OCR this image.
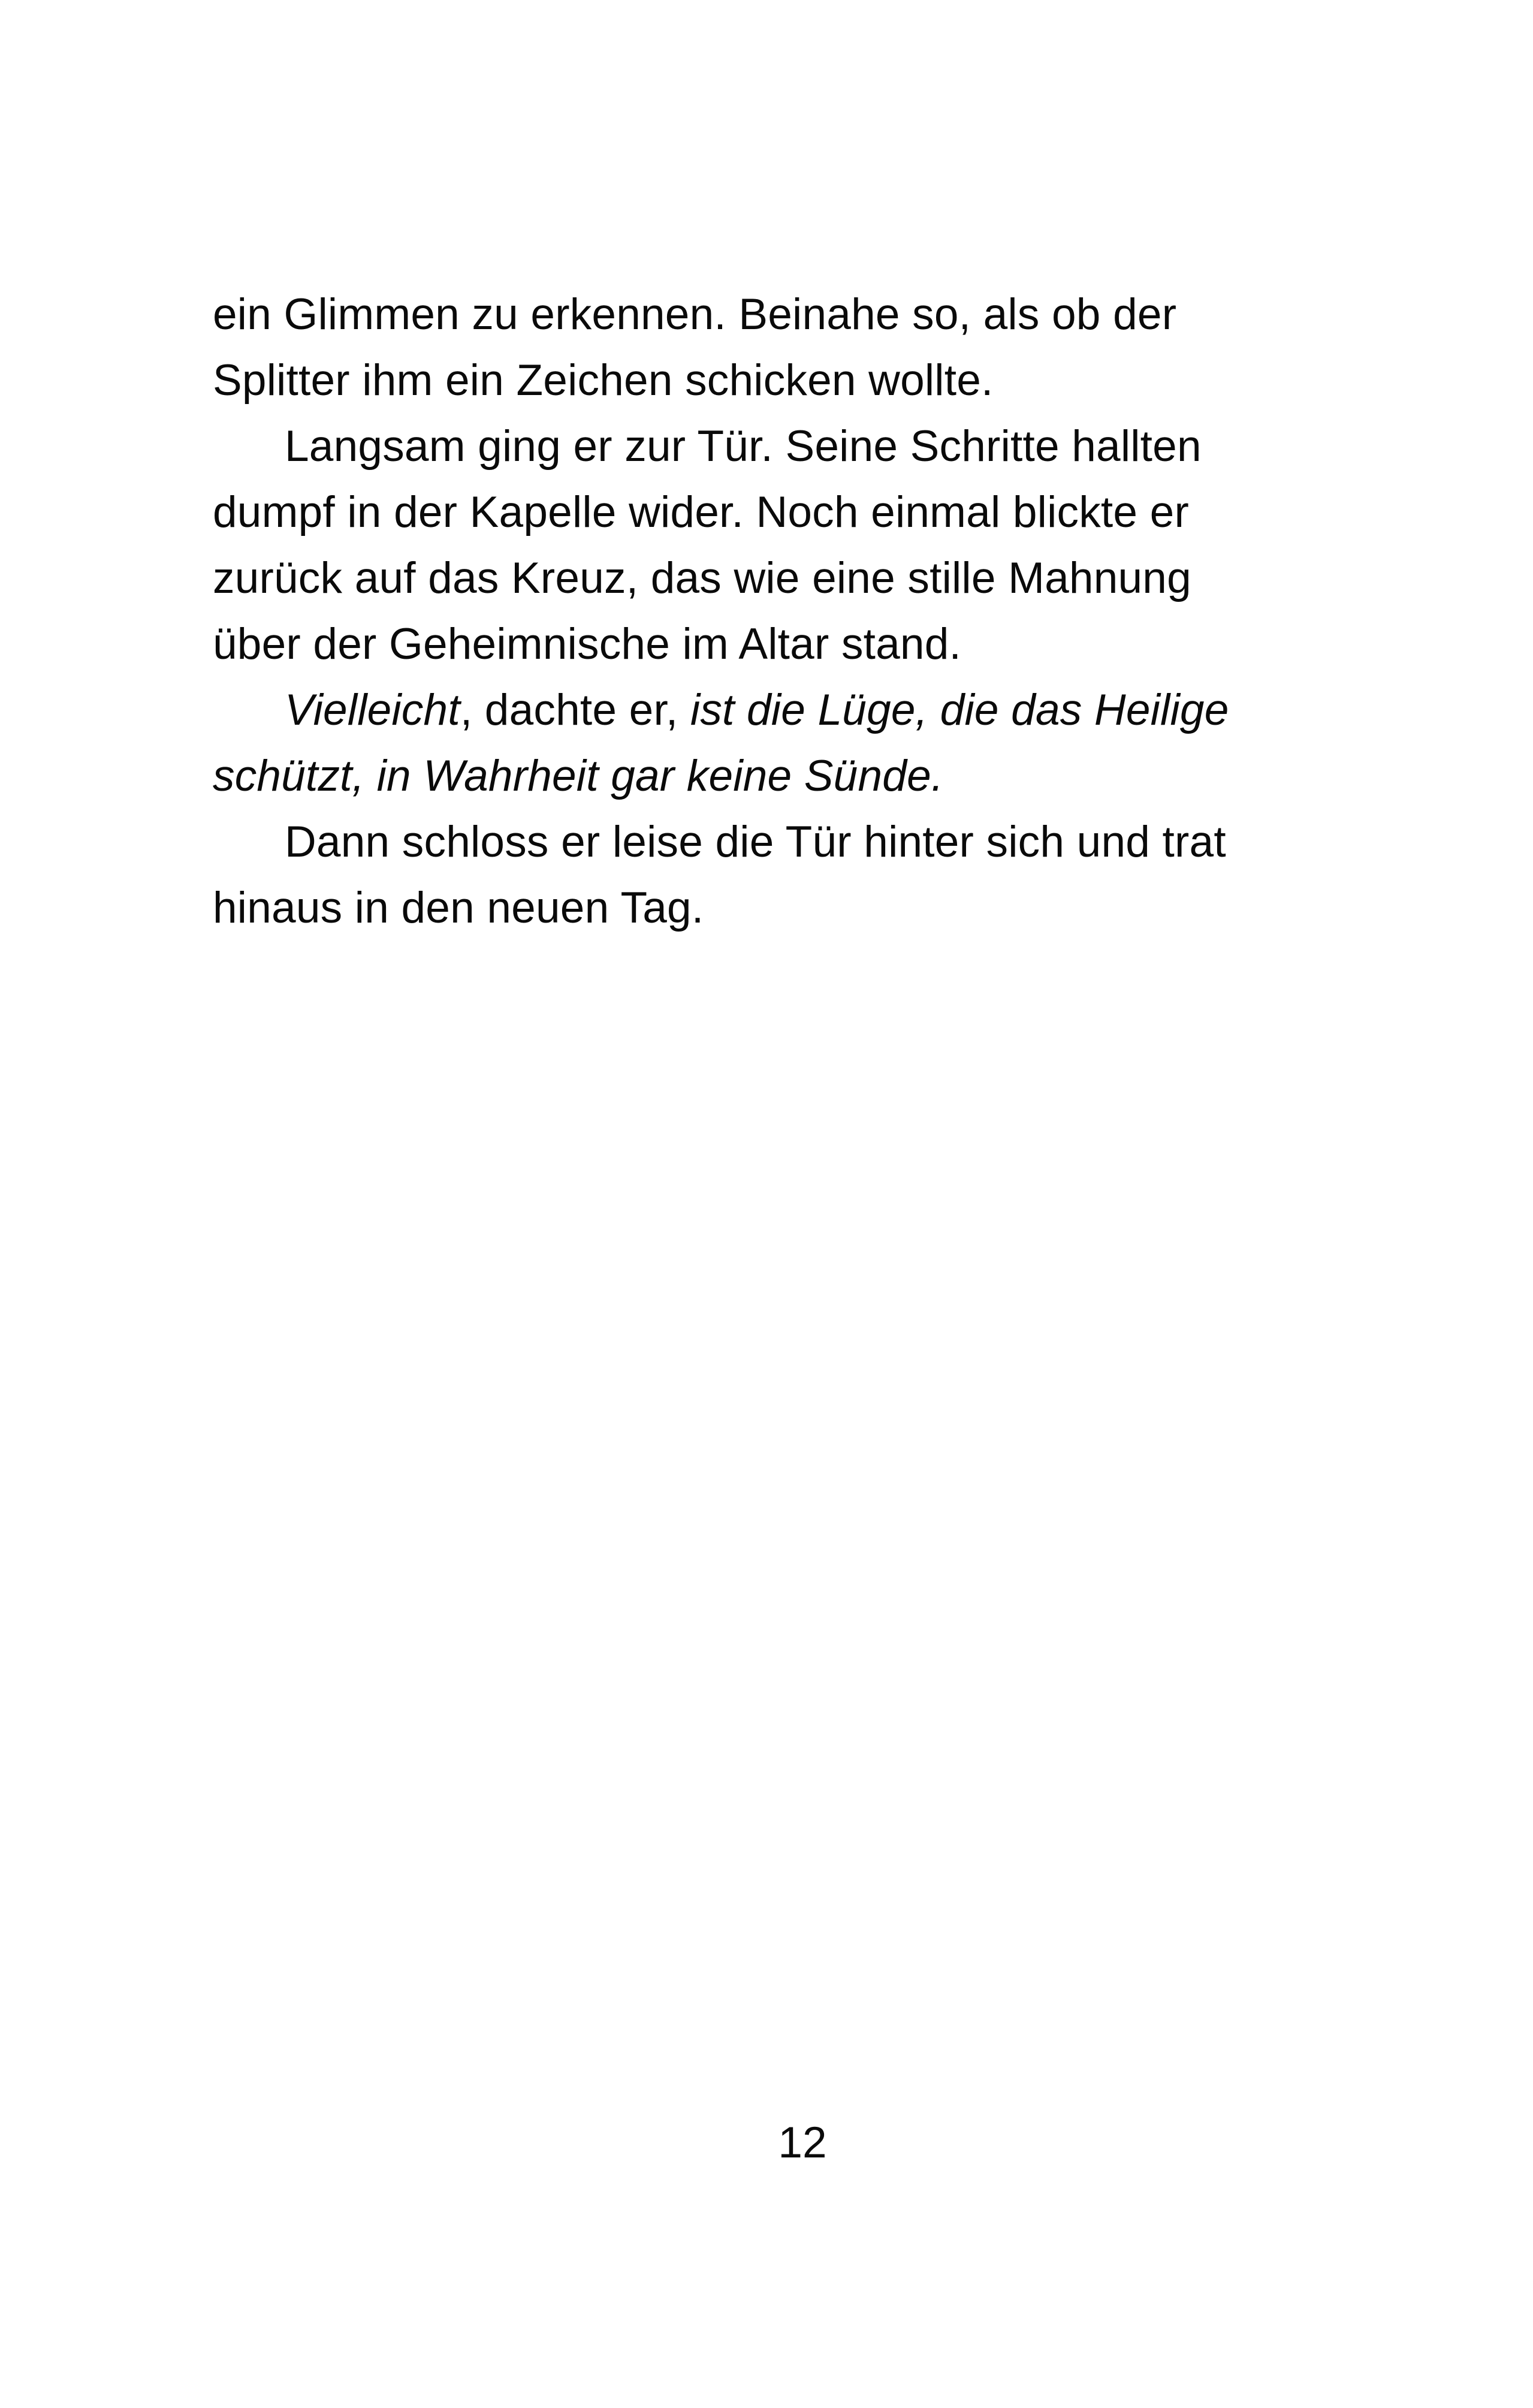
ein Glimmen zu erkennen. Beinahe so, als ob der
Splitter ihm ein Zeichen schicken wollte.
Langsam ging er zur Tür. Seine Schritte hallten
dumpf in der Kapelle wider. Noch einmal blickte er
zurück auf das Kreuz, das wie eine stille Mahnung
über der Geheimnische im Altar stand.
Vielleicht, dachte er, ist die Lüge, die das Heilige
schützt, in Wahrheit gar keine Sünde.
Dann schloss er leise die Tür hinter sich und trat
hinaus in den neuen Tag.
12
